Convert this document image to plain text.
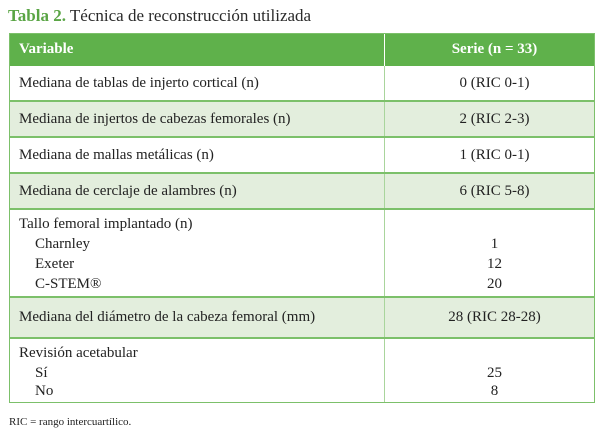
Tabla 2. Técnica de reconstrucción utilizada
Variable	Serie (n = 33)
Mediana de tablas de injerto cortical (n)	0 (RIC 0-1)
Mediana de injertos de cabezas femorales (n)	2 (RIC 2-3)
Mediana de mallas metálicas (n)	1 (RIC 0-1)
Mediana de cerclaje de alambres (n)	6 (RIC 5-8)
Tallo femoral implantado (n)
Charnley	1
Exeter	12
C-STEM®	20
Mediana del diámetro de la cabeza femoral (mm)	28 (RIC 28-28)
Revisión acetabular
Sí	25
No	8
RIC = rango intercuartílico.
